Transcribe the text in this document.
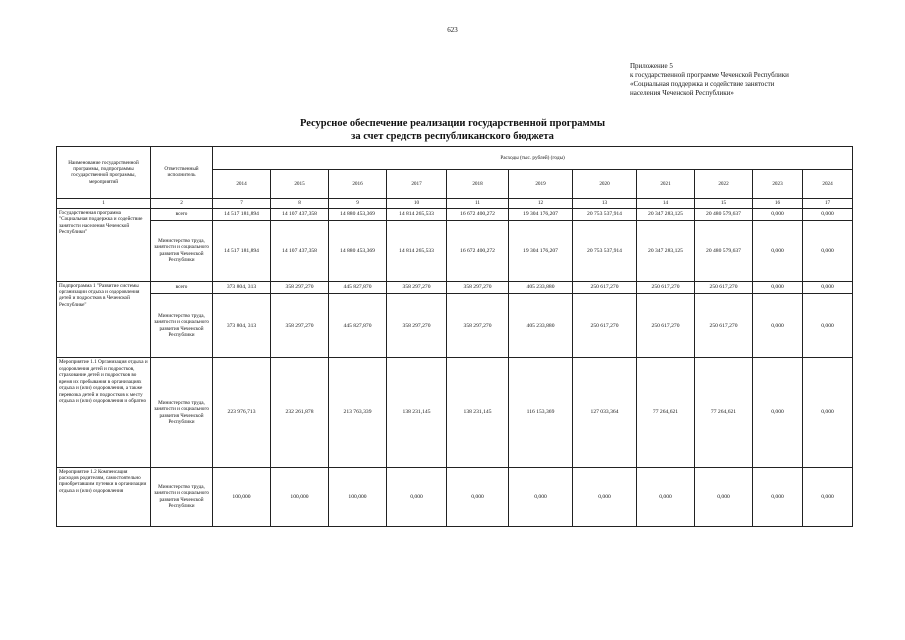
623
Приложение 5
к государственной программе Чеченской Республики
«Социальная поддержка и содействие занятости
населения Чеченской Республики»
Ресурсное обеспечение реализации государственной программы
за счет средств республиканского бюджета
Наименование государственной программы, подпрограммы государственной программы, мероприятий	Ответственный исполнитель	Расходы (тыс. рублей) (годы)										
		2014	2015	2016	2017	2018	2019	2020	2021	2022	2023	2024
1	2	7	8	9	10	11	12	13	14	15	16	17
Государственная программа "Социальная поддержка и содействие занятости населения Чеченской Республики"	всего	14 517 181,894	14 107 437,358	14 880 453,369	14 814 265,533	16 672 400,272	19 304 176,207	20 753 537,914	20 347 283,125	20 480 579,637	0,000	0,000
	Министерство труда, занятости и социального развития Чеченской Республики	14 517 181,894	14 107 437,358	14 880 453,369	14 814 265,533	16 672 400,272	19 304 176,207	20 753 537,914	20 347 283,125	20 480 579,637	0,000	0,000
Подпрограмма 1 "Развитие системы организации отдыха и оздоровления детей и подростков в Чеченской Республике"	всего	373 804, 313	358 297,270	445 827,870	358 297,270	358 297,270	405 233,880	250 617,270	250 617,270	250 617,270	0,000	0,000
	Министерство труда, занятости и социального развития Чеченской Республики	373 804, 313	358 297,270	445 827,870	358 297,270	358 297,270	405 233,880	250 617,270	250 617,270	250 617,270	0,000	0,000
Мероприятие 1.1 Организация отдыха и оздоровления детей и подростков, страхование детей и подростков во время их пребывания в организациях отдыха и (или) оздоровления, а также перевозка детей и подростков к месту отдыха и (или) оздоровления и обратно	Министерство труда, занятости и социального развития Чеченской Республики	223 976,713	232 261,878	213 763,339	138 231,145	138 231,145	116 153,369	127 033,364	77 264,621	77 264,621	0,000	0,000
Мероприятие 1.2 Компенсация расходов родителям, самостоятельно приобретавшим путевки в организации отдыха и (или) оздоровления	Министерство труда, занятости и социального развития Чеченской Республики	100,000	100,000	100,000	0,000	0,000	0,000	0,000	0,000	0,000	0,000	0,000
